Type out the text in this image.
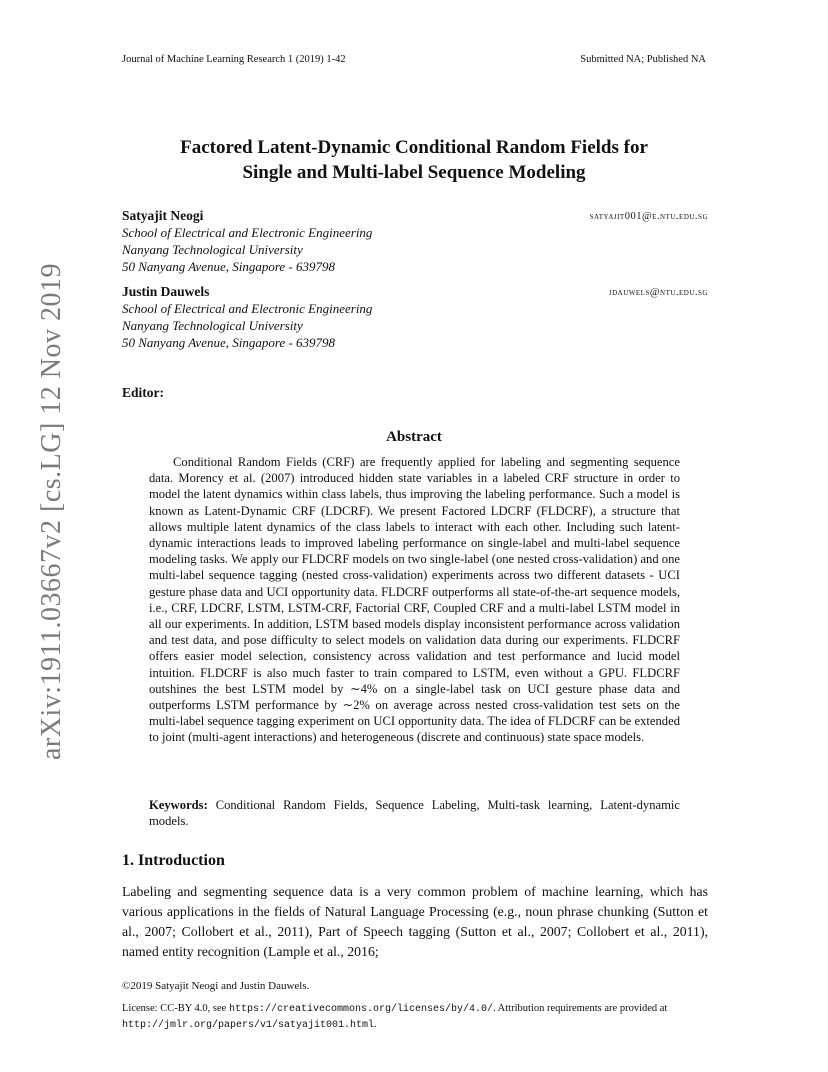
Journal of Machine Learning Research 1 (2019) 1-42	Submitted NA; Published NA
Factored Latent-Dynamic Conditional Random Fields for
Single and Multi-label Sequence Modeling
Satyajit Neogi	satyajit001@e.ntu.edu.sg
School of Electrical and Electronic Engineering
Nanyang Technological University
50 Nanyang Avenue, Singapore - 639798
Justin Dauwels	jdauwels@ntu.edu.sg
School of Electrical and Electronic Engineering
Nanyang Technological University
50 Nanyang Avenue, Singapore - 639798
Editor:
Abstract
Conditional Random Fields (CRF) are frequently applied for labeling and segmenting sequence data. Morency et al. (2007) introduced hidden state variables in a labeled CRF structure in order to model the latent dynamics within class labels, thus improving the labeling performance. Such a model is known as Latent-Dynamic CRF (LDCRF). We present Factored LDCRF (FLDCRF), a structure that allows multiple latent dynamics of the class labels to interact with each other. Including such latent-dynamic interactions leads to improved labeling performance on single-label and multi-label sequence modeling tasks. We apply our FLDCRF models on two single-label (one nested cross-validation) and one multi-label sequence tagging (nested cross-validation) experiments across two different datasets - UCI gesture phase data and UCI opportunity data. FLDCRF outperforms all state-of-the-art sequence models, i.e., CRF, LDCRF, LSTM, LSTM-CRF, Factorial CRF, Coupled CRF and a multi-label LSTM model in all our experiments. In addition, LSTM based models display inconsistent performance across validation and test data, and pose difficulty to select models on validation data during our experiments. FLDCRF offers easier model selection, consistency across validation and test performance and lucid model intuition. FLDCRF is also much faster to train compared to LSTM, even without a GPU. FLDCRF outshines the best LSTM model by ∼4% on a single-label task on UCI gesture phase data and outperforms LSTM performance by ∼2% on average across nested cross-validation test sets on the multi-label sequence tagging experiment on UCI opportunity data. The idea of FLDCRF can be extended to joint (multi-agent interactions) and heterogeneous (discrete and continuous) state space models.
Keywords: Conditional Random Fields, Sequence Labeling, Multi-task learning, Latent-dynamic models.
1. Introduction
Labeling and segmenting sequence data is a very common problem of machine learning, which has various applications in the fields of Natural Language Processing (e.g., noun phrase chunking (Sutton et al., 2007; Collobert et al., 2011), Part of Speech tagging (Sutton et al., 2007; Collobert et al., 2011), named entity recognition (Lample et al., 2016;
©2019 Satyajit Neogi and Justin Dauwels.
License: CC-BY 4.0, see https://creativecommons.org/licenses/by/4.0/. Attribution requirements are provided at http://jmlr.org/papers/v1/satyajit001.html.
arXiv:1911.03667v2 [cs.LG] 12 Nov 2019
